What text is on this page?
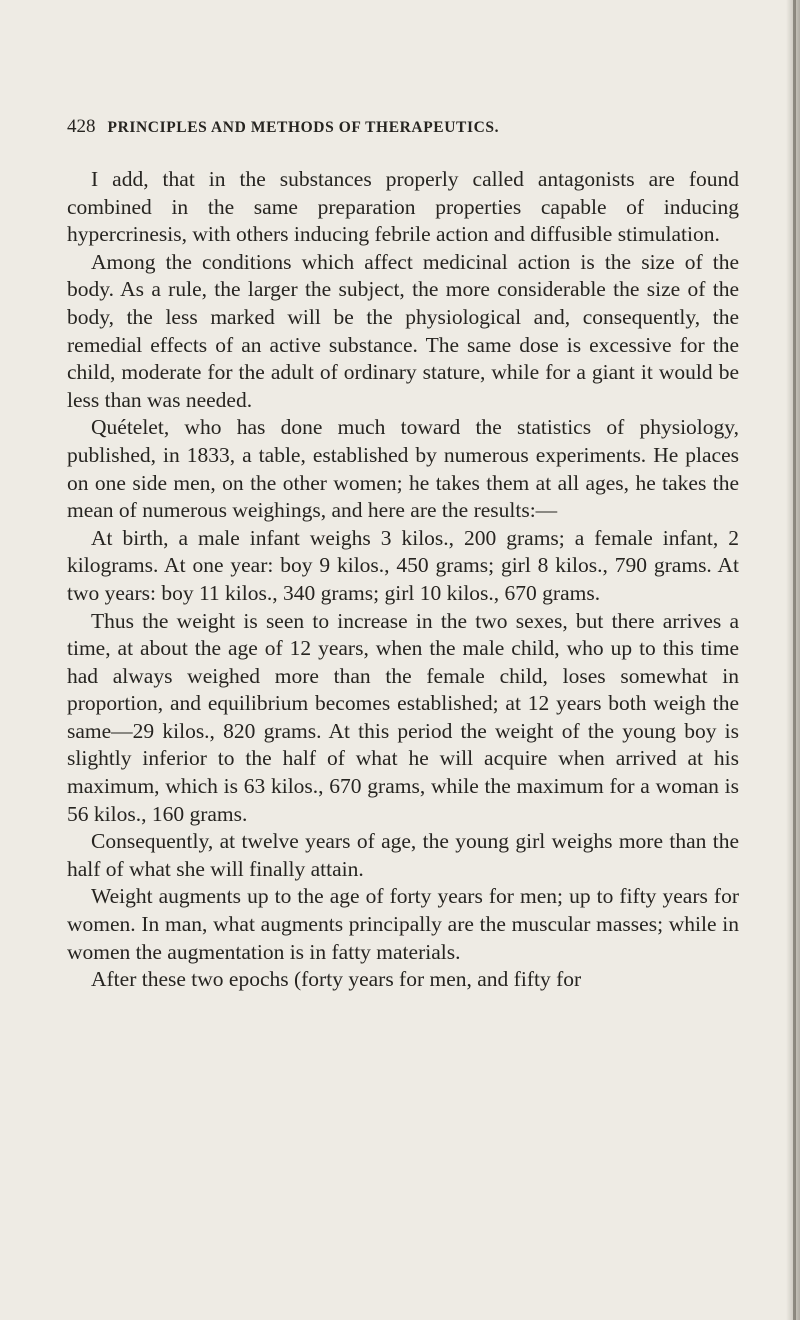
428 PRINCIPLES AND METHODS OF THERAPEUTICS.

I add, that in the substances properly called antagonists are found combined in the same preparation properties capable of inducing hypercrinesis, with others inducing febrile action and diffusible stimulation.

Among the conditions which affect medicinal action is the size of the body. As a rule, the larger the subject, the more considerable the size of the body, the less marked will be the physiological and, consequently, the remedial effects of an active substance. The same dose is excessive for the child, moderate for the adult of ordinary stature, while for a giant it would be less than was needed.

Quételet, who has done much toward the statistics of physiology, published, in 1833, a table, established by numerous experiments. He places on one side men, on the other women; he takes them at all ages, he takes the mean of numerous weighings, and here are the results:—

At birth, a male infant weighs 3 kilos., 200 grams; a female infant, 2 kilograms. At one year: boy 9 kilos., 450 grams; girl 8 kilos., 790 grams. At two years: boy 11 kilos., 340 grams; girl 10 kilos., 670 grams.

Thus the weight is seen to increase in the two sexes, but there arrives a time, at about the age of 12 years, when the male child, who up to this time had always weighed more than the female child, loses somewhat in proportion, and equilibrium becomes established; at 12 years both weigh the same—29 kilos., 820 grams. At this period the weight of the young boy is slightly inferior to the half of what he will acquire when arrived at his maximum, which is 63 kilos., 670 grams, while the maximum for a woman is 56 kilos., 160 grams.

Consequently, at twelve years of age, the young girl weighs more than the half of what she will finally attain.

Weight augments up to the age of forty years for men; up to fifty years for women. In man, what augments principally are the muscular masses; while in women the augmentation is in fatty materials.

After these two epochs (forty years for men, and fifty for
